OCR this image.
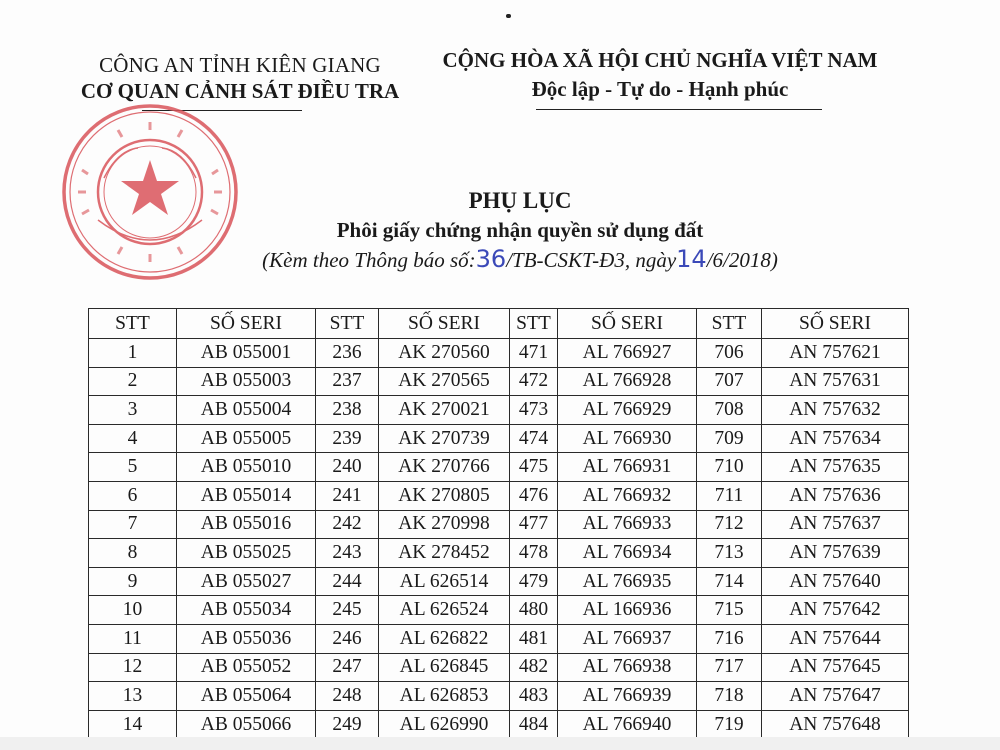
CÔNG AN TỈNH KIÊN GIANG
CƠ QUAN CẢNH SÁT ĐIỀU TRA
CỘNG HÒA XÃ HỘI CHỦ NGHĨA VIỆT NAM
Độc lập - Tự do - Hạnh phúc
PHỤ LỤC
Phôi giấy chứng nhận quyền sử dụng đất
(Kèm theo Thông báo số:36/TB-CSKT-Đ3, ngày14/6/2018)
STT	SỐ SERI	STT	SỐ SERI	STT	SỐ SERI	STT	SỐ SERI
1	AB 055001	236	AK 270560	471	AL 766927	706	AN 757621
2	AB 055003	237	AK 270565	472	AL 766928	707	AN 757631
3	AB 055004	238	AK 270021	473	AL 766929	708	AN 757632
4	AB 055005	239	AK 270739	474	AL 766930	709	AN 757634
5	AB 055010	240	AK 270766	475	AL 766931	710	AN 757635
6	AB 055014	241	AK 270805	476	AL 766932	711	AN 757636
7	AB 055016	242	AK 270998	477	AL 766933	712	AN 757637
8	AB 055025	243	AK 278452	478	AL 766934	713	AN 757639
9	AB 055027	244	AL 626514	479	AL 766935	714	AN 757640
10	AB 055034	245	AL 626524	480	AL 166936	715	AN 757642
11	AB 055036	246	AL 626822	481	AL 766937	716	AN 757644
12	AB 055052	247	AL 626845	482	AL 766938	717	AN 757645
13	AB 055064	248	AL 626853	483	AL 766939	718	AN 757647
14	AB 055066	249	AL 626990	484	AL 766940	719	AN 757648
